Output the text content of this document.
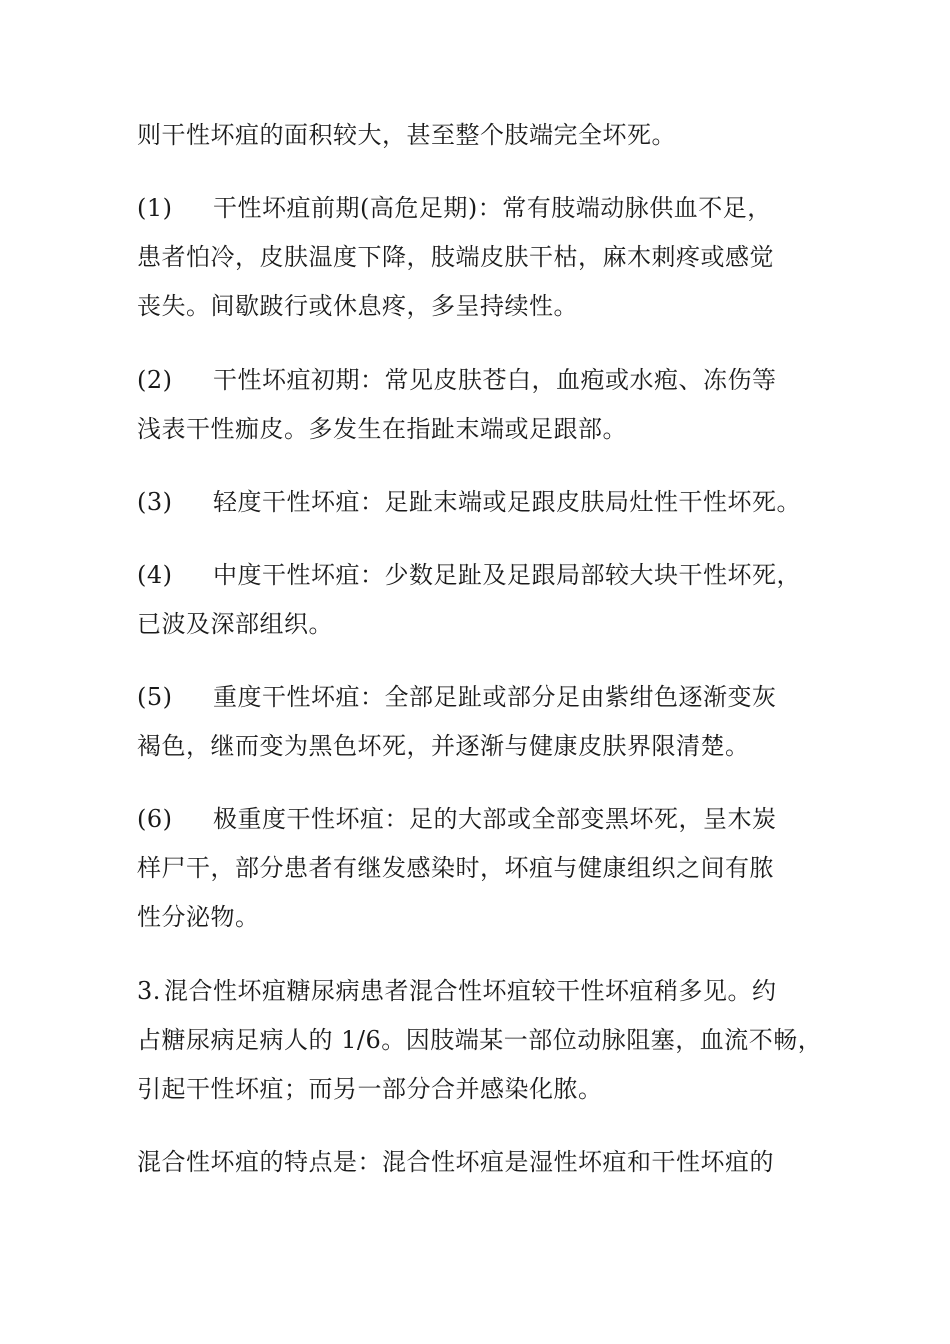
则干性坏疽的面积较大，甚至整个肢端完全坏死。
(1) 干性坏疽前期(高危足期)：常有肢端动脉供血不足，
患者怕冷，皮肤温度下降，肢端皮肤干枯，麻木刺疼或感觉
丧失。间歇跛行或休息疼，多呈持续性。
(2) 干性坏疽初期：常见皮肤苍白，血疱或水疱、冻伤等
浅表干性痂皮。多发生在指趾末端或足跟部。
(3) 轻度干性坏疽：足趾末端或足跟皮肤局灶性干性坏死。
(4) 中度干性坏疽：少数足趾及足跟局部较大块干性坏死，
已波及深部组织。
(5) 重度干性坏疽：全部足趾或部分足由紫绀色逐渐变灰
褐色，继而变为黑色坏死，并逐渐与健康皮肤界限清楚。
(6) 极重度干性坏疽：足的大部或全部变黑坏死，呈木炭
样尸干，部分患者有继发感染时，坏疽与健康组织之间有脓
性分泌物。
3. 混合性坏疽糖尿病患者混合性坏疽较干性坏疽稍多见。约
占糖尿病足病人的 1/6。因肢端某一部位动脉阻塞，血流不畅，
引起干性坏疽；而另一部分合并感染化脓。
混合性坏疽的特点是：混合性坏疽是湿性坏疽和干性坏疽的
